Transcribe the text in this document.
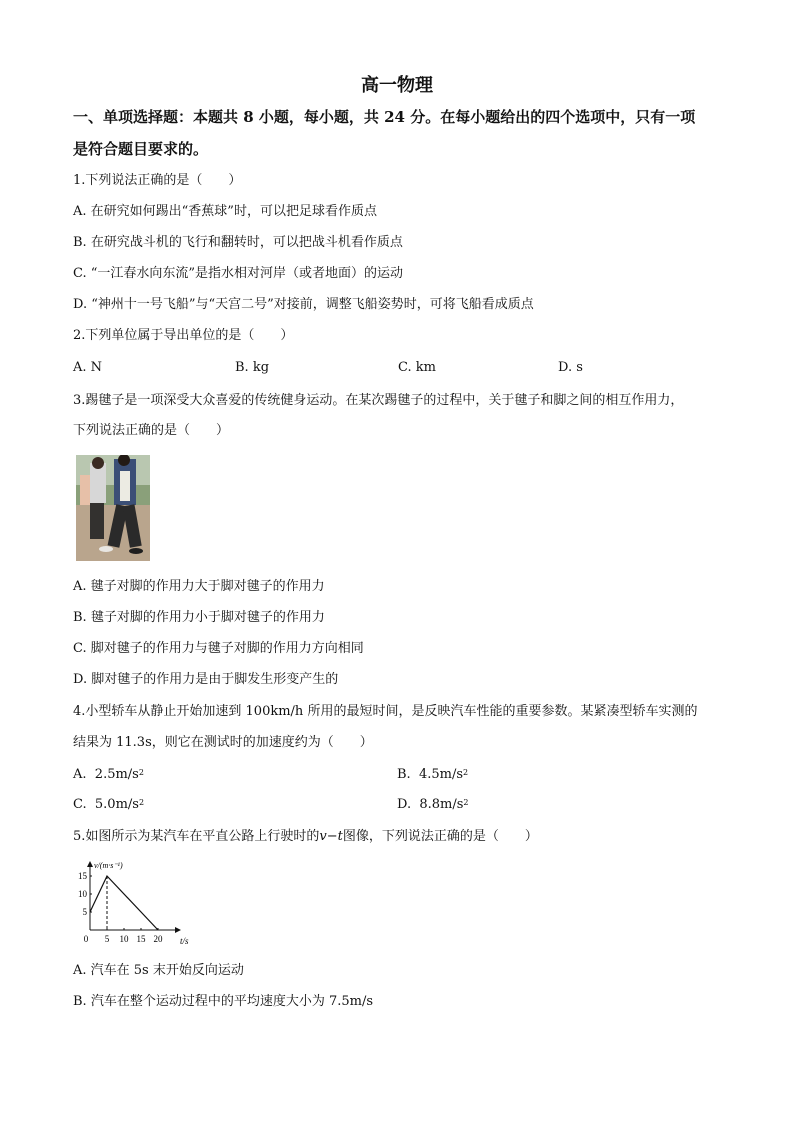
高一物理
一、单项选择题：本题共 8 小题，每小题，共 24 分。在每小题给出的四个选项中，只有一项
是符合题目要求的。
1.下列说法正确的是（　　）
A. 在研究如何踢出“香蕉球”时，可以把足球看作质点
B. 在研究战斗机的飞行和翻转时，可以把战斗机看作质点
C. “一江春水向东流”是指水相对河岸（或者地面）的运动
D. “神州十一号飞船”与“天宫二号”对接前，调整飞船姿势时，可将飞船看成质点
2.下列单位属于导出单位的是（　　）
A. N	B. kg	C. km	D. s
3.踢毽子是一项深受大众喜爱的传统健身运动。在某次踢毽子的过程中，关于毽子和脚之间的相互作用力，
下列说法正确的是（　　）
A. 毽子对脚的作用力大于脚对毽子的作用力
B. 毽子对脚的作用力小于脚对毽子的作用力
C. 脚对毽子的作用力与毽子对脚的作用力方向相同
D. 脚对毽子的作用力是由于脚发生形变产生的
4.小型轿车从静止开始加速到 100km/h 所用的最短时间，是反映汽车性能的重要参数。某紧凑型轿车实测的
结果为 11.3s，则它在测试时的加速度约为（　　）
A. $2.5m/s^2$	B. $4.5m/s^2$
C. $5.0m/s^2$	D. $8.8m/s^2$
5.如图所示为某汽车在平直公路上行驶时的v−t图像，下列说法正确的是（　　）
v/(m·s⁻¹)
t/s
0 5 10 15 20
5
10
15
A. 汽车在 5s 末开始反向运动
B. 汽车在整个运动过程中的平均速度大小为 7.5m/s
